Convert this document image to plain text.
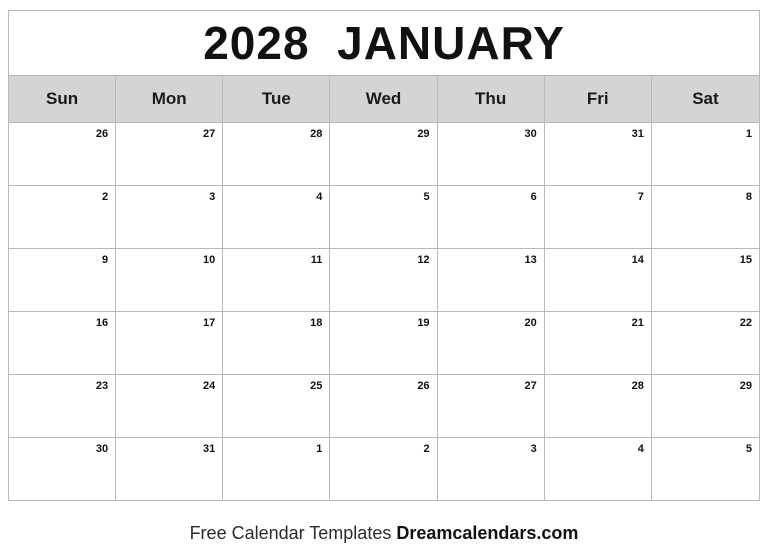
2028  JANUARY
Sun	Mon	Tue	Wed	Thu	Fri	Sat
26	27	28	29	30	31	1
2	3	4	5	6	7	8
9	10	11	12	13	14	15
16	17	18	19	20	21	22
23	24	25	26	27	28	29
30	31	1	2	3	4	5
Free Calendar Templates Dreamcalendars.com
